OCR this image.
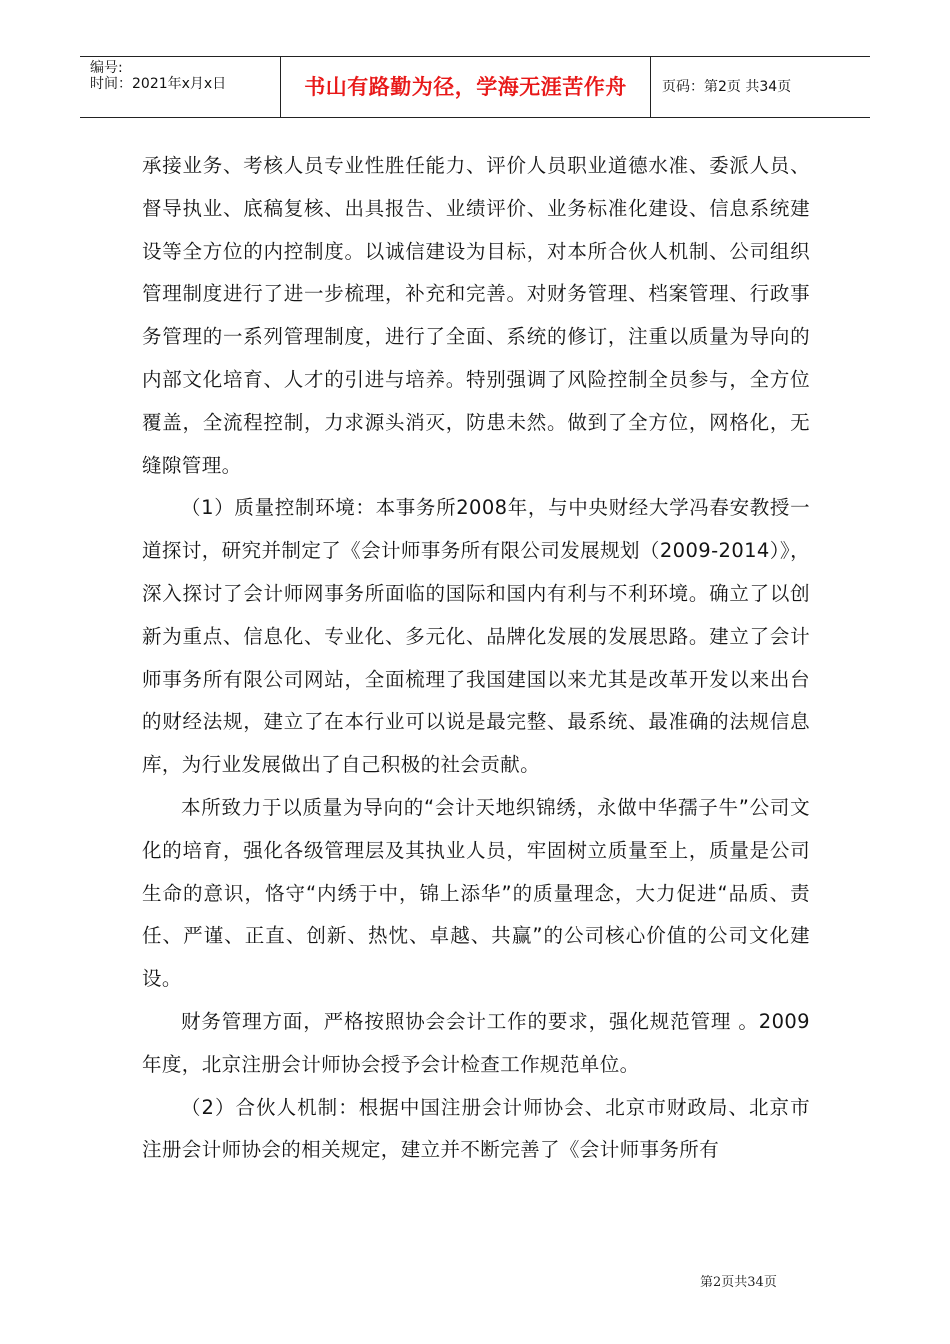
编号:
时间：2021年x月x日	书山有路勤为径，学海无涯苦作舟	页码：第2页 共34页

承接业务、考核人员专业性胜任能力、评价人员职业道德水准、委派人员、督导执业、底稿复核、出具报告、业绩评价、业务标准化建设、信息系统建设等全方位的内控制度。以诚信建设为目标，对本所合伙人机制、公司组织管理制度进行了进一步梳理，补充和完善。对财务管理、档案管理、行政事务管理的一系列管理制度，进行了全面、系统的修订，注重以质量为导向的内部文化培育、人才的引进与培养。特别强调了风险控制全员参与，全方位覆盖，全流程控制，力求源头消灭，防患未然。做到了全方位，网格化，无缝隙管理。

（1）质量控制环境：本事务所2008年，与中央财经大学冯春安教授一道探讨，研究并制定了《会计师事务所有限公司发展规划（2009-2014）》，深入探讨了会计师网事务所面临的国际和国内有利与不利环境。确立了以创新为重点、信息化、专业化、多元化、品牌化发展的发展思路。建立了会计师事务所有限公司网站，全面梳理了我国建国以来尤其是改革开发以来出台的财经法规，建立了在本行业可以说是最完整、最系统、最准确的法规信息库，为行业发展做出了自己积极的社会贡献。

本所致力于以质量为导向的“会计天地织锦绣，永做中华孺子牛”公司文化的培育，强化各级管理层及其执业人员，牢固树立质量至上，质量是公司生命的意识，恪守“内绣于中，锦上添华”的质量理念，大力促进“品质、责任、严谨、正直、创新、热忱、卓越、共赢”的公司核心价值的公司文化建设。

财务管理方面，严格按照协会会计工作的要求，强化规范管理 。2009年度，北京注册会计师协会授予会计检查工作规范单位。

（2）合伙人机制：根据中国注册会计师协会、北京市财政局、北京市注册会计师协会的相关规定，建立并不断完善了《会计师事务所有

第2页共34页
